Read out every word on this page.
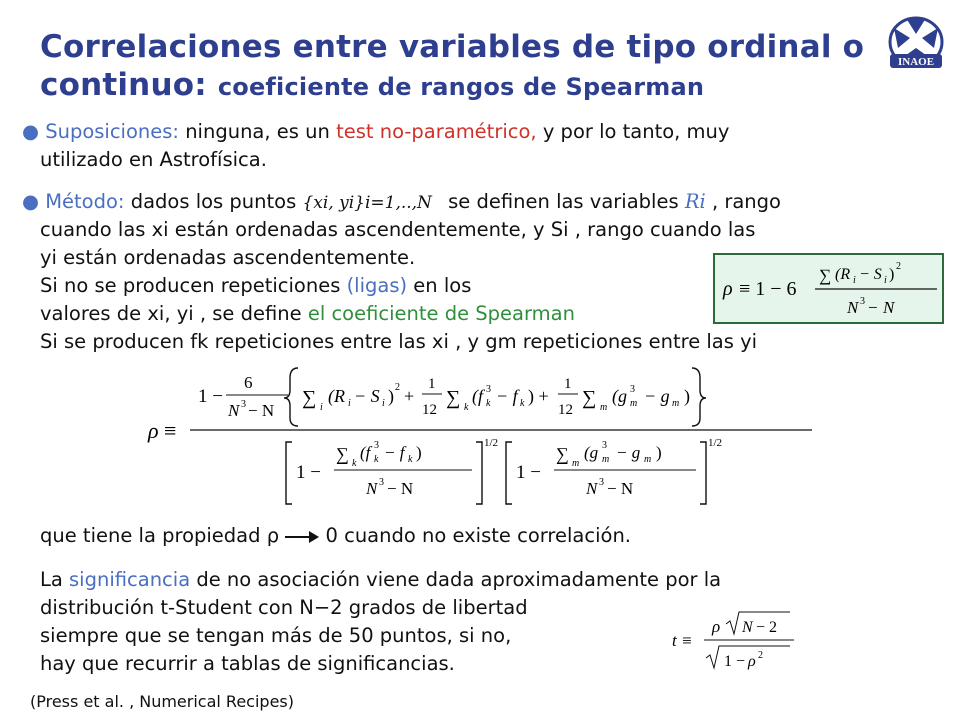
Correlaciones entre variables de tipo ordinal o
continuo: coeficiente de rangos de Spearman
INAOE
● Suposiciones: ninguna, es un test no-paramétrico, y por lo tanto, muy
utilizado en Astrofísica.
● Método: dados los puntos {xi, yi}i=1,..,N se definen las variables Ri , rango
cuando las xi están ordenadas ascendentemente, y Si , rango cuando las
yi están ordenadas ascendentemente.
Si no se producen repeticiones (ligas) en los
valores de xi, yi , se define el coeficiente de Spearman
Si se producen fk repeticiones entre las xi , y gm repeticiones entre las yi
ρ ≡ 1 − 6
∑ (R i − S i ) 2
N 3 − N
ρ ≡
1 −
6
N 3 − N
∑ i
(R i − S i ) 2 +
1
12
∑ k
(f k
3 − f k ) +
1
12
∑ m
(g m
3 − g m )
1 −
∑ k
(f k
3 − f k )
N 3 − N
1/2
1 −
∑ m
(g m
3 − g m )
N 3 − N
1/2
que tiene la propiedad ρ 0 cuando no existe correlación.
La significancia de no asociación viene dada aproximadamente por la
distribución t-Student con N−2 grados de libertad
siempre que se tengan más de 50 puntos, si no,
hay que recurrir a tablas de significancias.
t ≡
ρ N − 2
1 − ρ 2
(Press et al. , Numerical Recipes)
